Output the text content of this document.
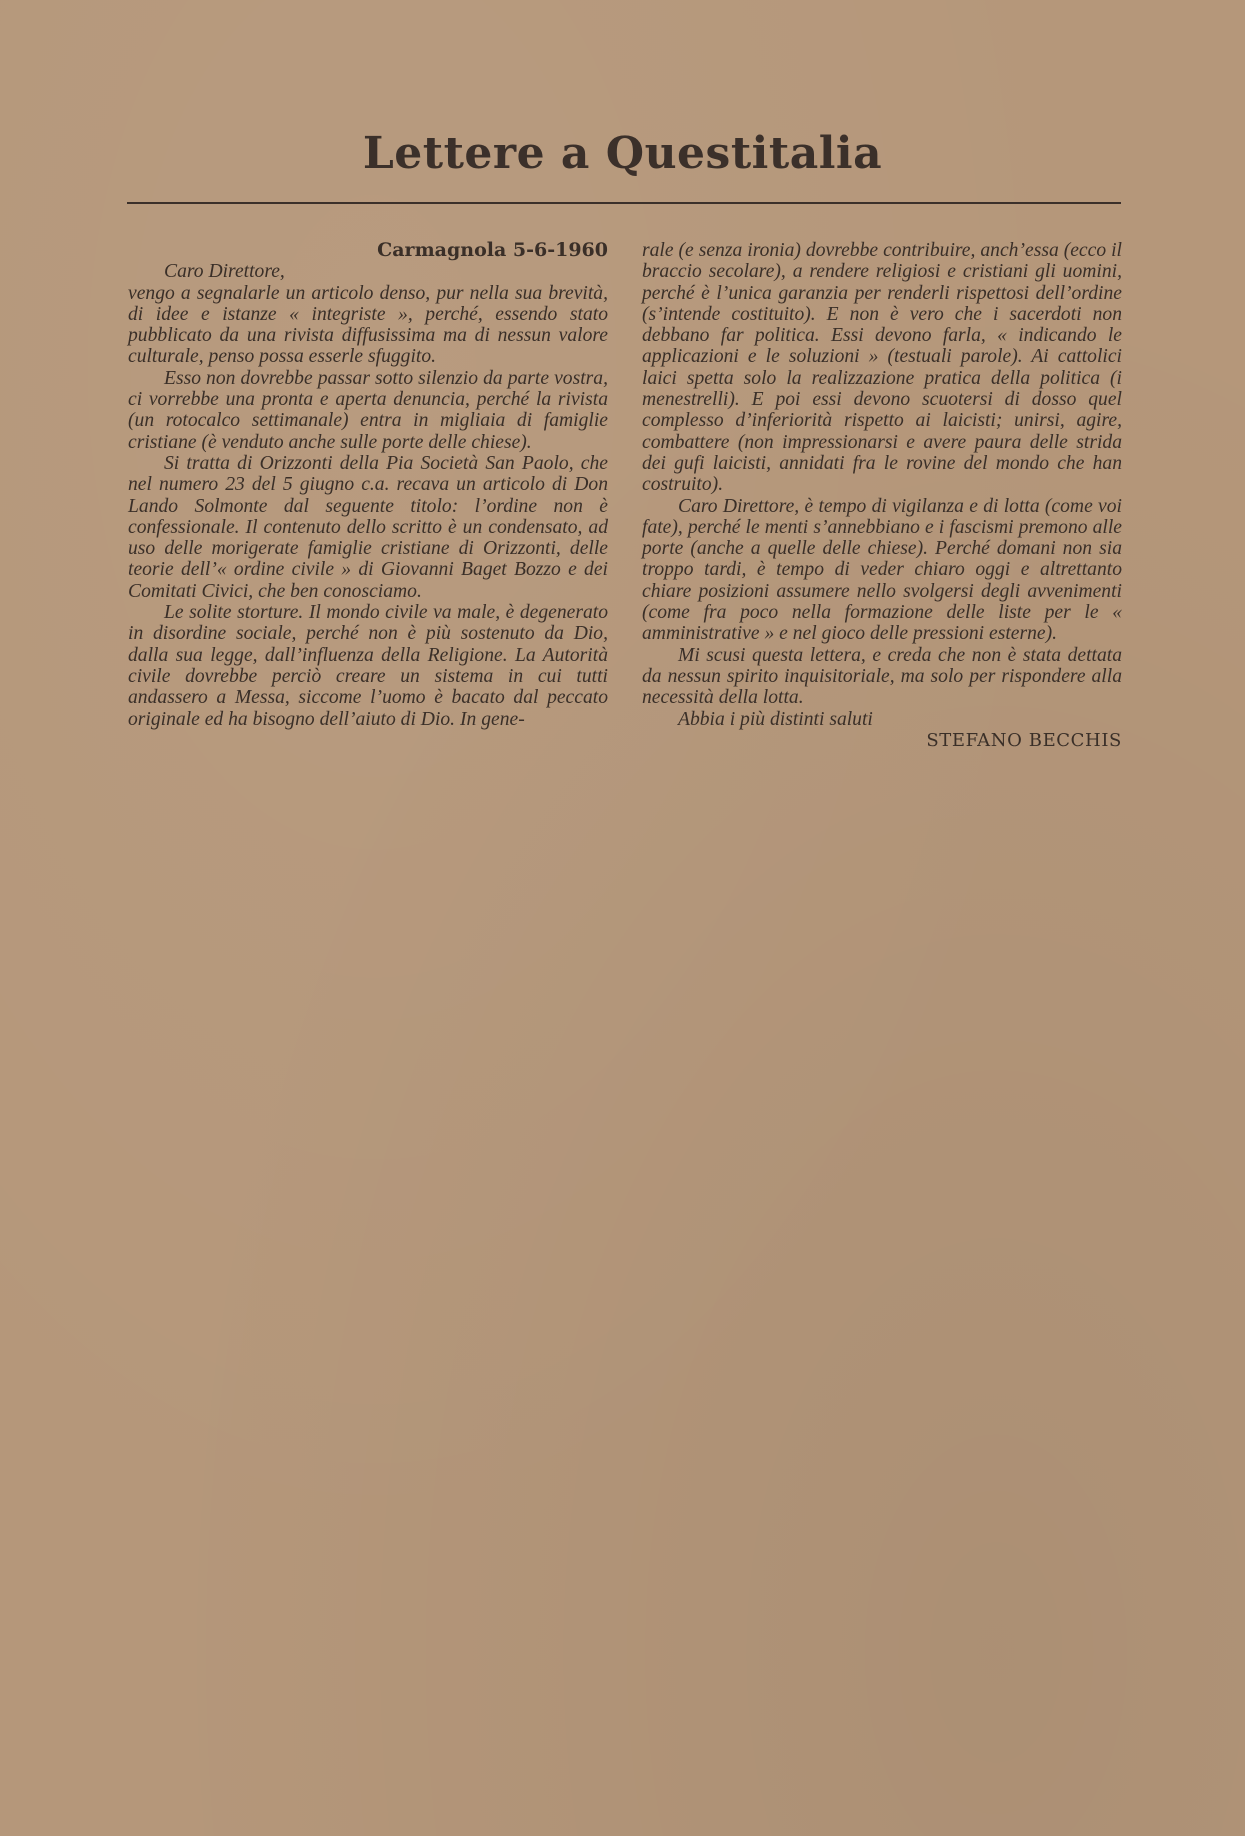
Lettere a Questitalia

Carmagnola 5-6-1960

Caro Direttore,

vengo a segnalarle un articolo denso, pur nella sua brevità, di idee e istanze « integriste », perché, essendo stato pubblicato da una rivista diffusissima ma di nessun valore culturale, penso possa esserle sfuggito.

Esso non dovrebbe passar sotto silenzio da parte vostra, ci vorrebbe una pronta e aperta denuncia, perché la rivista (un rotocalco settimanale) entra in migliaia di famiglie cristiane (è venduto anche sulle porte delle chiese).

Si tratta di Orizzonti della Pia Società San Paolo, che nel numero 23 del 5 giugno c.a. recava un articolo di Don Lando Solmonte dal seguente titolo: l’ordine non è confessionale. Il contenuto dello scritto è un condensato, ad uso delle morigerate famiglie cristiane di Orizzonti, delle teorie dell’« ordine civile » di Giovanni Baget Bozzo e dei Comitati Civici, che ben conosciamo.

Le solite storture. Il mondo civile va male, è degenerato in disordine sociale, perché non è più sostenuto da Dio, dalla sua legge, dall’influenza della Religione. La Autorità civile dovrebbe perciò creare un sistema in cui tutti andassero a Messa, siccome l’uomo è bacato dal peccato originale ed ha bisogno dell’aiuto di Dio. In gene-

rale (e senza ironia) dovrebbe contribuire, anch’essa (ecco il braccio secolare), a rendere religiosi e cristiani gli uomini, perché è l’unica garanzia per renderli rispettosi dell’ordine (s’intende costituito). E non è vero che i sacerdoti non debbano far politica. Essi devono farla, « indicando le applicazioni e le soluzioni » (testuali parole). Ai cattolici laici spetta solo la realizzazione pratica della politica (i menestrelli). E poi essi devono scuotersi di dosso quel complesso d’inferiorità rispetto ai laicisti; unirsi, agire, combattere (non impressionarsi e avere paura delle strida dei gufi laicisti, annidati fra le rovine del mondo che han costruito).

Caro Direttore, è tempo di vigilanza e di lotta (come voi fate), perché le menti s’annebbiano e i fascismi premono alle porte (anche a quelle delle chiese). Perché domani non sia troppo tardi, è tempo di veder chiaro oggi e altrettanto chiare posizioni assumere nello svolgersi degli avvenimenti (come fra poco nella formazione delle liste per le « amministrative » e nel gioco delle pressioni esterne).

Mi scusi questa lettera, e creda che non è stata dettata da nessun spirito inquisitoriale, ma solo per rispondere alla necessità della lotta.

Abbia i più distinti saluti

STEFANO BECCHIS
